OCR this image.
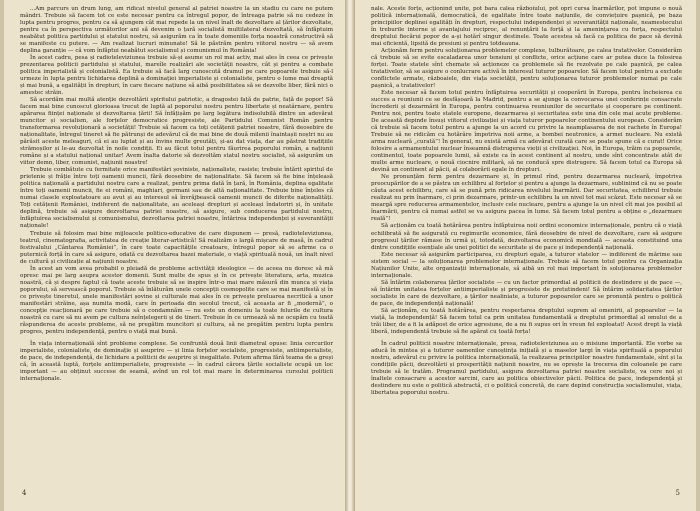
...Am parcurs un drum lung, am ridicat nivelul general al patriei noastre la un stadiu cu care ne putem mândri. Trebuie să facem tot ce este necesar pentru ca întregul popor, de întreaga patrie să nu cedeze în lupta pentru progres, pentru ca să ajungem cât mai repede la un nivel înalt de dezvoltare al țărilor dezvoltate, pentru ca în perspectiva următorilor ani să devenim o țară socialistă multilateral dezvoltată, să înfăptuim neabătut politica partidului și statului nostru, să asigurăm ca în toate domeniile forța noastră constructivă să se manifeste cu putere. — Am realizat lucruri minunate! Să le păstrăm pentru viitorul nostru — să avem deplina garanție — că vom înfăptui neabătut socialismul și comunismul în România!

În acest cadru, pesa și radioteleviziunea trebuie să-și asume un rol mai activ, mai ales în ceea ce privește prezentarea politicii partidului și statului, mareîle realizări ale societății noastre, cât și pentru a combate politica imperialistă și colonialistă. Ea trebuie să facă larg cunoscută dramul pe care popoarele trebuie să-l urmeze în lupta pentru lichidarea deplină a dominației imperialiste și colonialiste, pentru o lume mai dreaptă și mai bună, a egalității în drepturi, în care fiecare națiune să aibă posibilitatea să se dezvolte liber, fără nici o amestec străin.

Să acordăm mai multă atenție dezvoltării spiritului patriotic, a dragostei față de patrie, față de popor! Să facem mai bine cunoscut glorioasa trecut de luptă al poporului nostru pentru libertate și neatârnare, pentru apărarea ființei naționale și dezvoltarea țării! Să înfățișăm pe larg legătura indisolubilă dintre un adevărat muncitor și socialism, ale forțelor democratice progresiste, ale Partidului Comunist Român pentru transformarea revoluționară a societății! Trebuie să facem ca toți cetățenii patriei noastre, fără deosebire de naționalitate, întregul tineret să fie pătrunși de adevărul că de mai bine de două milenii înaintașii noștri nu au părăsit aceste meleaguri, că ei au luptat și au învins multe greutăți, și-au dat viața, dar au păstrat tradițiile strămoșilor și le-au dezvoltat în noile condiții. Ei au făcut totul pentru făurirea poporului român, a națiunii române și a statului național unitar! Avem înalta datorie să dezvoltăm statul nostru socialist, să asigurăm un viitor demn, liber, comunist, națiunii noastre!

Trebuie combătute cu fermitate orice manifestări șoviniste, naționaliste, rasiste; trebuie întărit spiritul de prietenie și frăție între toți oamenii muncii, fără deosebire de naționalitate. Să facem să fie bine înțeleasă politica națională a partidului nostru care a realizat, pentru prima dată în țară, în România, deplina egalitate între toți oamenii muncii, fie ei români, maghiari, germani sau de altă naționalitate. Trebuie bine înțeles că numai clasele exploatatoare au avut și au interesul să învrăjbească oamenii muncii de diferite naționalități. Toți cetățenii României, indiferent de naționalitate, au aceleași drepturi și aceleași îndatoriri și, în unitate deplină, trebuie să asigure dezvoltarea patriei noastre, să asigure, sub conducerea partidului nostru, înfăptuirea socialismului și comunismului, dezvoltarea patriei noastre, întărirea independenței și suveranității naționale!

Trebuie să folosim mai bine mijloacele politico-educative de care dispunem — presă, radioteleviziunea, teatrul, cinematografia, activitatea de creație literar-artistică! Să realizăm o largă mișcare de masă, în cadrul festivalului „Cântarea României”, în care toate capacitățile creatoare, întregul popor să se afirme ca o puternică forță în care să asigure, odată cu dezvoltarea bazei materiale, o viață spirituală nouă, un înalt nivel de cultură și civilizație al națiunii noastre.

În acest an vom avea probabil o pleiadă de probleme activității ideologice — de aceea nu doresc să mă opresc mai pe larg asupra acestor domenii. Sunt multe de spus și în ce privește literatura, arta, muzica noastră, că și despre faptul că toate aceste trebuie să se inspire într-o mai mare măsură din munca și viața poporului, să servească poporul. Trebuie să înlăturăm unele concepții cosmopolite care se mai manifestă și în ce privește tineretul, unele manifestări șovine și culturale mai ales în ce privește preluarea necritică a unor manifestări străine, așa numita modă, care în perioada din secolul trecut, că aceasta ar fi „modernă”, o concepție reacționară pe care trebuie să o condamnăm — nu este un domeniu la toate felurile de cultura noastră cu care să nu avem pe cultura neînțelegerii și de tineri. Trebuie în ce urmează să ne ocupăm cu toată răspunderea de aceste probleme, să ne pregătim muncitori și cultura, să ne pregătim pentru lupta pentru progres, pentru independență, pentru o viață mai bună.

În viața internațională sînt probleme complexe. Se confruntă două linii diametral opuse: linia cercurilor imperialiste, colonialiste, de dominație și asuprire — și linia forțelor socialiste, progresiste, antiimperialiste, de pace, de independență, de lichidare a politicii de asuprire și inegalitate. Putem afirma fără teama de a greși că, în această luptă, forțele antiimperialiste, progresiste — în cadrul cărora țările socialiste ocupă un loc important — au obținut succese de seamă, avînd un rol tot mai mare în determinarea cursului politicii internaționale.

4

nale. Aceste forțe, acționind unite, pot bara calea războiului, pot opri cursa înarmărilor, pot impune o nouă politică internațională, democratică, de egalitate între toate națiunile, de conviețuire pașnică, pe baza principiilor deplinei egalități în drepturi, respectului independenței și suveranității naționale, neamestecului în treburile interne și avantajului reciproc, al renunțării la forță și la amenințarea cu forța, respectului dreptului fiecărui popor de a-și hotărî singur destinele. Toate acestea să facă ca politica de pace să devină mai eficientă, lipsită de presiuni și pentru totdeauna.

Acționăm ferm pentru soluționarea problemelor complexe, tulburătoare, pe calea tratativelor. Considerăm că trebuie să se evite escaladarea unor tensiuni și conflicte, orice acțiune care ar putea duce la folosirea forței. Toate statele sînt chemate să acționeze ca problemele să fie rezolvate pe cale pașnică, pe calea tratativelor, să se asigure o conlucrare activă în interesul tuturor popoarelor. Să facem totul pentru a exclude conflictele armate, războaiele, din viața societății, pentru soluționarea tuturor problemelor numai pe cale pașnică, a tratativelor!

Este necesar să facem totul pentru înfăptuirea securității și cooperării în Europa, pentru încheierea cu succes a reuniunii ce se desfășoară la Madrid, pentru a se ajunge la convocarea unei conferințe consacrate încrederii și dezarmării în Europa, pentru continuarea reuniunilor de securitate și cooperare pe continent. Pentru noi, pentru toate statele europene, dezarmarea și securitatea este una din cele mai acute probleme. De această depinde însuși viitorul civilizației și viața tuturor popoarelor continentului european. Considerăm că trebuie să facem totul pentru a ajunge la un acord cu privire la neamplasarea de noi rachete în Europa! Trebuie să ne ridicăm cu hotărâre împotriva noii arme, a bombei neutronice, a armei nucleare. Nu există arma nucleară „curată”! În general, nu există armă cu adevărat curată care se poate spune că e curat! Orice folosire a armamentului nuclear înseamnă distrugerea vieții și civilizației. Noi, în Europa, trăim ca popoarele, continentul, toate popoarele lumii, să existe ca în acest continent al nostru, unde sînt concentrate atât de multe arme nucleare, o nouă ciocnire militară, să ne conducă spre distrugere. Să facem totul ca Europa să devină un continent al păcii, al colaborării egale în drepturi.

Ne pronunțăm ferm pentru dezarmare și, în primul rînd, pentru dezarmarea nucleară, împotriva preocupărilor de a se păstra un echilibru al forțelor și pentru a ajunge la dezarmare, subliniind că nu se poate căuta acest echilibru, care să se pună prin ridicarea nivelului înarmării. Dar securitatea, echilibrul trebuie realizat nu prin înarmare, ci prin dezarmare, printr-un echilibru la un nivel tot mai scăzut. Este necesar să se meargă spre reducerea armamentelor, inclusiv cele nucleare, pentru a ajunge la un nivel cît mai jos posibil al înarmării, pentru că numai astfel se va asigura pacea în lume. Să facem totul pentru a obține o „dezarmare reală”!

Să acționăm cu toată hotărârea pentru înfăptuirea noii ordini economice internaționale, pentru că o viață echilibrată să fie asigurată cu regimurile economice, fără deosebire de nivel de dezvoltare, care să asigure progresul țărilor rămase în urmă și, totodată, dezvoltarea economică mondială — aceasta constituind una dintre condițiile esențiale ale unei politici de securitate și de pace și independență națională.

Este necesar să asigurăm participarea, cu drepturi egale, a tuturor statelor — indiferent de mărime sau sistem social — la soluționarea problemelor internaționale. Trebuie să facem totul pentru ca Organizația Națiunilor Unite, alte organizații internaționale, să aibă un rol mai important în soluționarea problemelor internaționale.

Să întărim colaborarea țărilor socialiste — cu un factor primordial al politicii de destindere și de pace —, să întărim unitatea forțelor antiimperialiste și progresiste de pretutindeni! Să întărim solidaritatea țărilor socialiste în care de dezvoltare, a țărilor nealiniate, a tuturor popoarelor care se pronunță pentru o politică de pace, de independență națională!

Să acționăm, cu toată hotărârea, pentru respectarea dreptului suprem al omenirii, al popoarelor — la viață, la independență! Să facem totul ca prin unitatea fundamentală a dreptului primordial al omului de a trăi liber, de a fi la adăpost de orice agresiune, de a nu fi supus ori în vreun fel exploatat! Acest drept la viață liberă, independentă trebuie să fie apărat cu toată forța!

În cadrul politicii noastre internaționale, presa, radioteleviziunea au o misiune importantă. Ele vorbe sa aducă în mintea și a tuturor oamenilor cunoștința inițială și a maselor largi în viața spirituală a poporului nostru, adevărul cu privire la politica internațională, la realizarea principiilor noastre fundamentale, sînt și la condițiile păcii, dezvoltării și prosperității națiunii noastre, nu se oprește la trecerea din coloanele pe care trebuie să le tratăm. Programul partidului, asigura dezvoltarea patriei noastre socialiste, va cere noi și înaltele consacrare a acestor sarcini, care au politica obiectivelor păcii. Politica de pace, independență și destindere nu este o politică abstractă, ci o politică concretă, de care depind construcția socialismului, viața, libertatea poporului nostru.

5
